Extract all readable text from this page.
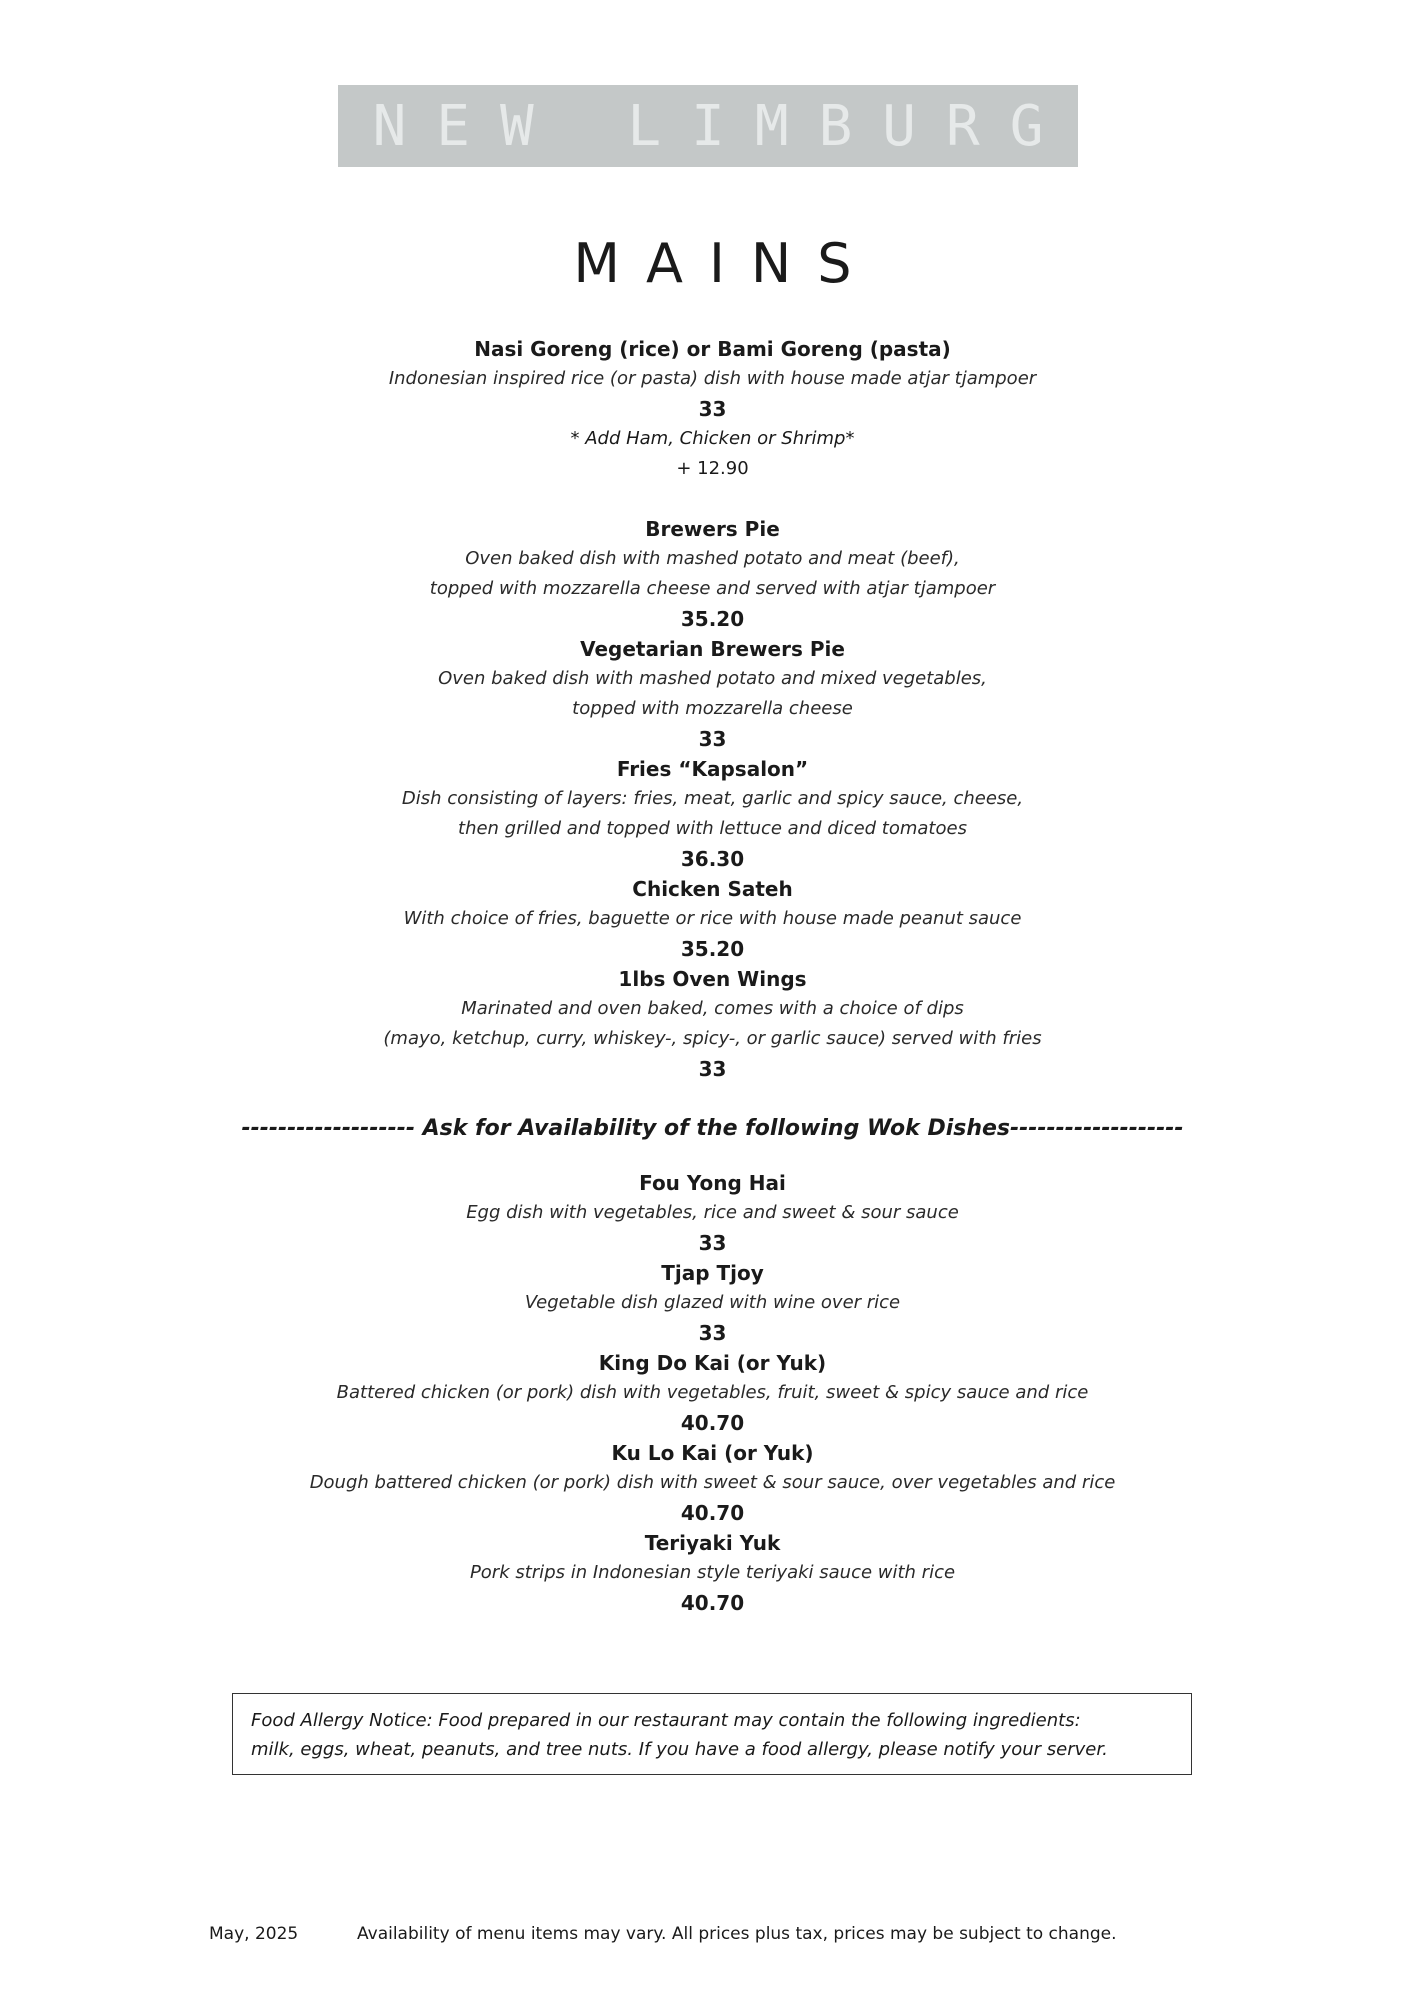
NEW LIMBURG
MAINS
Nasi Goreng (rice) or Bami Goreng (pasta)
Indonesian inspired rice (or pasta) dish with house made atjar tjampoer
33
* Add Ham, Chicken or Shrimp*
+ 12.90
Brewers Pie
Oven baked dish with mashed potato and meat (beef),
topped with mozzarella cheese and served with atjar tjampoer
35.20
Vegetarian Brewers Pie
Oven baked dish with mashed potato and mixed vegetables,
topped with mozzarella cheese
33
Fries “Kapsalon”
Dish consisting of layers: fries, meat, garlic and spicy sauce, cheese,
then grilled and topped with lettuce and diced tomatoes
36.30
Chicken Sateh
With choice of fries, baguette or rice with house made peanut sauce
35.20
1lbs Oven Wings
Marinated and oven baked, comes with a choice of dips
(mayo, ketchup, curry, whiskey-, spicy-, or garlic sauce) served with fries
33
------------------- Ask for Availability of the following Wok Dishes-------------------
Fou Yong Hai
Egg dish with vegetables, rice and sweet & sour sauce
33
Tjap Tjoy
Vegetable dish glazed with wine over rice
33
King Do Kai (or Yuk)
Battered chicken (or pork) dish with vegetables, fruit, sweet & spicy sauce and rice
40.70
Ku Lo Kai (or Yuk)
Dough battered chicken (or pork) dish with sweet & sour sauce, over vegetables and rice
40.70
Teriyaki Yuk
Pork strips in Indonesian style teriyaki sauce with rice
40.70
Food Allergy Notice: Food prepared in our restaurant may contain the following ingredients:
milk, eggs, wheat, peanuts, and tree nuts. If you have a food allergy, please notify your server.
May, 2025	Availability of menu items may vary. All prices plus tax, prices may be subject to change.
